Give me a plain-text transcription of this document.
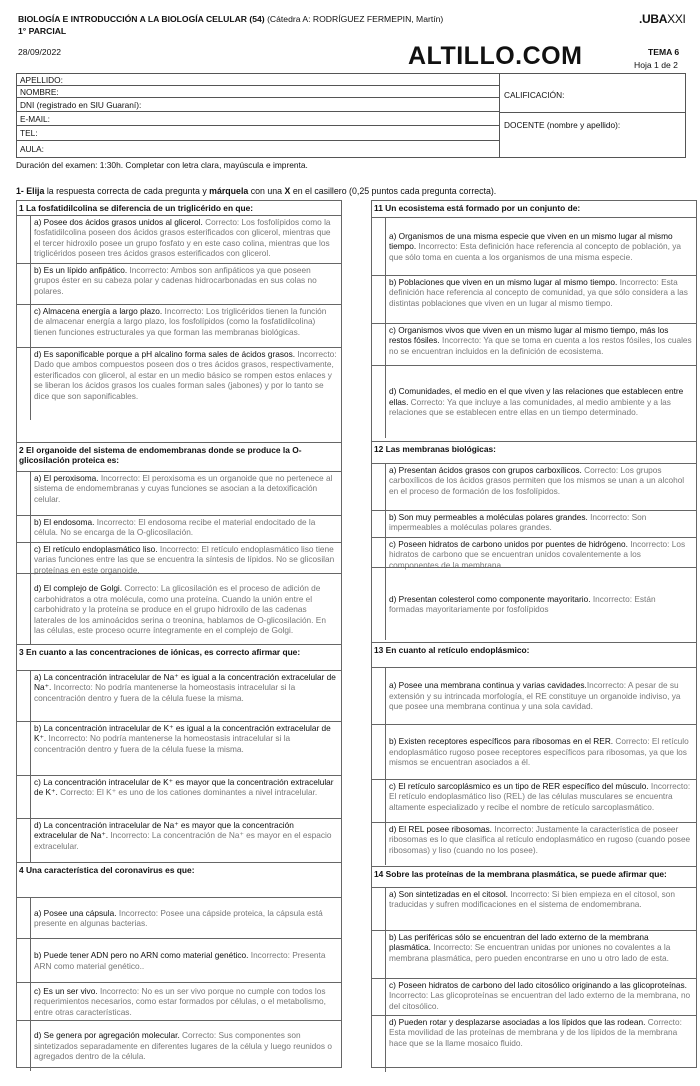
BIOLOGÍA E INTRODUCCIÓN A LA BIOLOGÍA CELULAR (54) (Cátedra A: RODRÍGUEZ FERMEPIN, Martín)
1° PARCIAL
28/09/2022
.UBAXXI
ALTILLO.COM	TEMA 6
Hoja 1 de 2
APELLIDO:
NOMBRE:
DNI (registrado en SIU Guaraní):
E-MAIL:
TEL:
AULA:
CALIFICACIÓN:
DOCENTE (nombre y apellido):
Duración del examen: 1:30h. Completar con letra clara, mayúscula e imprenta.
1- Elija la respuesta correcta de cada pregunta y márquela con una X en el casillero (0,25 puntos cada pregunta correcta).
1 La fosfatidilcolina se diferencia de un triglicérido en que:
a) Posee dos ácidos grasos unidos al glicerol. Correcto: Los fosfolípidos como la fosfatidilcolina poseen dos ácidos grasos esterificados con glicerol, mientras que el tercer hidroxilo posee un grupo fosfato y en este caso colina, mientras que los triglicéridos poseen tres ácidos grasos esterificados con glicerol.
b) Es un lípido anfipático. Incorrecto: Ambos son anfipáticos ya que poseen grupos éster en su cabeza polar y cadenas hidrocarbonadas en sus colas no polares.
c) Almacena energía a largo plazo. Incorrecto: Los triglicéridos tienen la función de almacenar energía a largo plazo, los fosfolípidos (como la fosfatidilcolina) tienen funciones estructurales ya que forman las membranas biológicas.
d) Es saponificable porque a pH alcalino forma sales de ácidos grasos. Incorrecto: Dado que ambos compuestos poseen dos o tres ácidos grasos, respectivamente, esterificados con glicerol, al estar en un medio básico se rompen estos enlaces y se liberan los ácidos grasos los cuales forman sales (jabones) y por lo tanto se dice que son saponificables.
2 El organoide del sistema de endomembranas donde se produce la O-glicosilación proteica es:
a) El peroxisoma. Incorrecto: El peroxisoma es un organoide que no pertenece al sistema de endomembranas y cuyas funciones se asocian a la detoxificación celular.
b) El endosoma. Incorrecto: El endosoma recibe el material endocitado de la célula. No se encarga de la O-glicosilación.
c) El retículo endoplasmático liso. Incorrecto: El retículo endoplasmático liso tiene varias funciones entre las que se encuentra la síntesis de lípidos. No se glicosilan proteínas en este organoide.
d) El complejo de Golgi. Correcto: La glicosilación es el proceso de adición de carbohidratos a otra molécula, como una proteína. Cuando la unión entre el carbohidrato y la proteína se produce en el grupo hidroxilo de las cadenas laterales de los aminoácidos serina o treonina, hablamos de O-glicosilación. En las células, este proceso ocurre íntegramente en el complejo de Golgi.
3 En cuanto a las concentraciones de iónicas, es correcto afirmar que:
a) La concentración intracelular de Na⁺ es igual a la concentración extracelular de Na⁺. Incorrecto: No podría mantenerse la homeostasis intracelular si la concentración dentro y fuera de la célula fuese la misma.
b) La concentración intracelular de K⁺ es igual a la concentración extracelular de K⁺. Incorrecto: No podría mantenerse la homeostasis intracelular si la concentración dentro y fuera de la célula fuese la misma.
c) La concentración intracelular de K⁺ es mayor que la concentración extracelular de K⁺. Correcto: El K⁺ es uno de los cationes dominantes a nivel intracelular.
d) La concentración intracelular de Na⁺ es mayor que la concentración extracelular de Na⁺. Incorrecto: La concentración de Na⁺ es mayor en el espacio extracelular.
4 Una característica del coronavirus es que:
a) Posee una cápsula. Incorrecto: Posee una cápside proteica, la cápsula está presente en algunas bacterias.
b) Puede tener ADN pero no ARN como material genético. Incorrecto: Presenta ARN como material genético..
c) Es un ser vivo. Incorrecto: No es un ser vivo porque no cumple con todos los requerimientos necesarios, como estar formados por células, o el metabolismo, entre otras características.
d) Se genera por agregación molecular. Correcto: Sus componentes son sintetizados separadamente en diferentes lugares de la célula y luego reunidos o agregados dentro de la célula.
11 Un ecosistema está formado por un conjunto de:
a) Organismos de una misma especie que viven en un mismo lugar al mismo tiempo. Incorrecto: Esta definición hace referencia al concepto de población, ya que sólo toma en cuenta a los organismos de una misma especie.
b) Poblaciones que viven en un mismo lugar al mismo tiempo. Incorrecto: Esta definición hace referencia al concepto de comunidad, ya que sólo considera a las distintas poblaciones que viven en un lugar al mismo tiempo.
c) Organismos vivos que viven en un mismo lugar al mismo tiempo, más los restos fósiles. Incorrecto: Ya que se toma en cuenta a los restos fósiles, los cuales no se encuentran incluidos en la definición de ecosistema.
d) Comunidades, el medio en el que viven y las relaciones que establecen entre ellas. Correcto: Ya que incluye a las comunidades, al medio ambiente y a las relaciones que se establecen entre ellas en un tiempo determinado.
12 Las membranas biológicas:
a) Presentan ácidos grasos con grupos carboxílicos. Correcto: Los grupos carboxílicos de los ácidos grasos permiten que los mismos se unan a un alcohol en el proceso de formación de los fosfolípidos.
b) Son muy permeables a moléculas polares grandes. Incorrecto: Son impermeables a moléculas polares grandes.
c) Poseen hidratos de carbono unidos por puentes de hidrógeno. Incorrecto: Los hidratos de carbono que se encuentran unidos covalentemente a los componentes de la membrana.
d) Presentan colesterol como componente mayoritario. Incorrecto: Están formadas mayoritariamente por fosfolípidos
13 En cuanto al retículo endoplásmico:
a) Posee una membrana continua y varias cavidades.Incorrecto: A pesar de su extensión y su intrincada morfología, el RE constituye un organoide indiviso, ya que posee una membrana continua y una sola cavidad.
b) Existen receptores específicos para ribosomas en el RER. Correcto: El retículo endoplasmático rugoso posee receptores específicos para ribosomas, ya que los mismos se encuentran asociados a él.
c) El retículo sarcoplásmico es un tipo de RER específico del músculo. Incorrecto: El retículo endoplasmático liso (REL) de las células musculares se encuentra altamente especializado y recibe el nombre de retículo sarcoplasmático.
d) El REL posee ribosomas. Incorrecto: Justamente la característica de poseer ribosomas es lo que clasifica al retículo endoplasmático en rugoso (cuando posee ribosomas) y liso (cuando no los posee).
14 Sobre las proteínas de la membrana plasmática, se puede afirmar que:
a) Son sintetizadas en el citosol. Incorrecto: Si bien empieza en el citosol, son traducidas y sufren modificaciones en el sistema de endomembrana.
b) Las periféricas sólo se encuentran del lado externo de la membrana plasmática. Incorrecto: Se encuentran unidas por uniones no covalentes a la membrana plasmática, pero pueden encontrarse en uno u otro lado de esta.
c) Poseen hidratos de carbono del lado citosólico originando a las glicoproteínas. Incorrecto: Las glicoproteínas se encuentran del lado externo de la membrana, no del citosólico.
d) Pueden rotar y desplazarse asociadas a los lípidos que las rodean. Correcto: Esta movilidad de las proteínas de membrana y de los lípidos de la membrana hace que se la llame mosaico fluido.
